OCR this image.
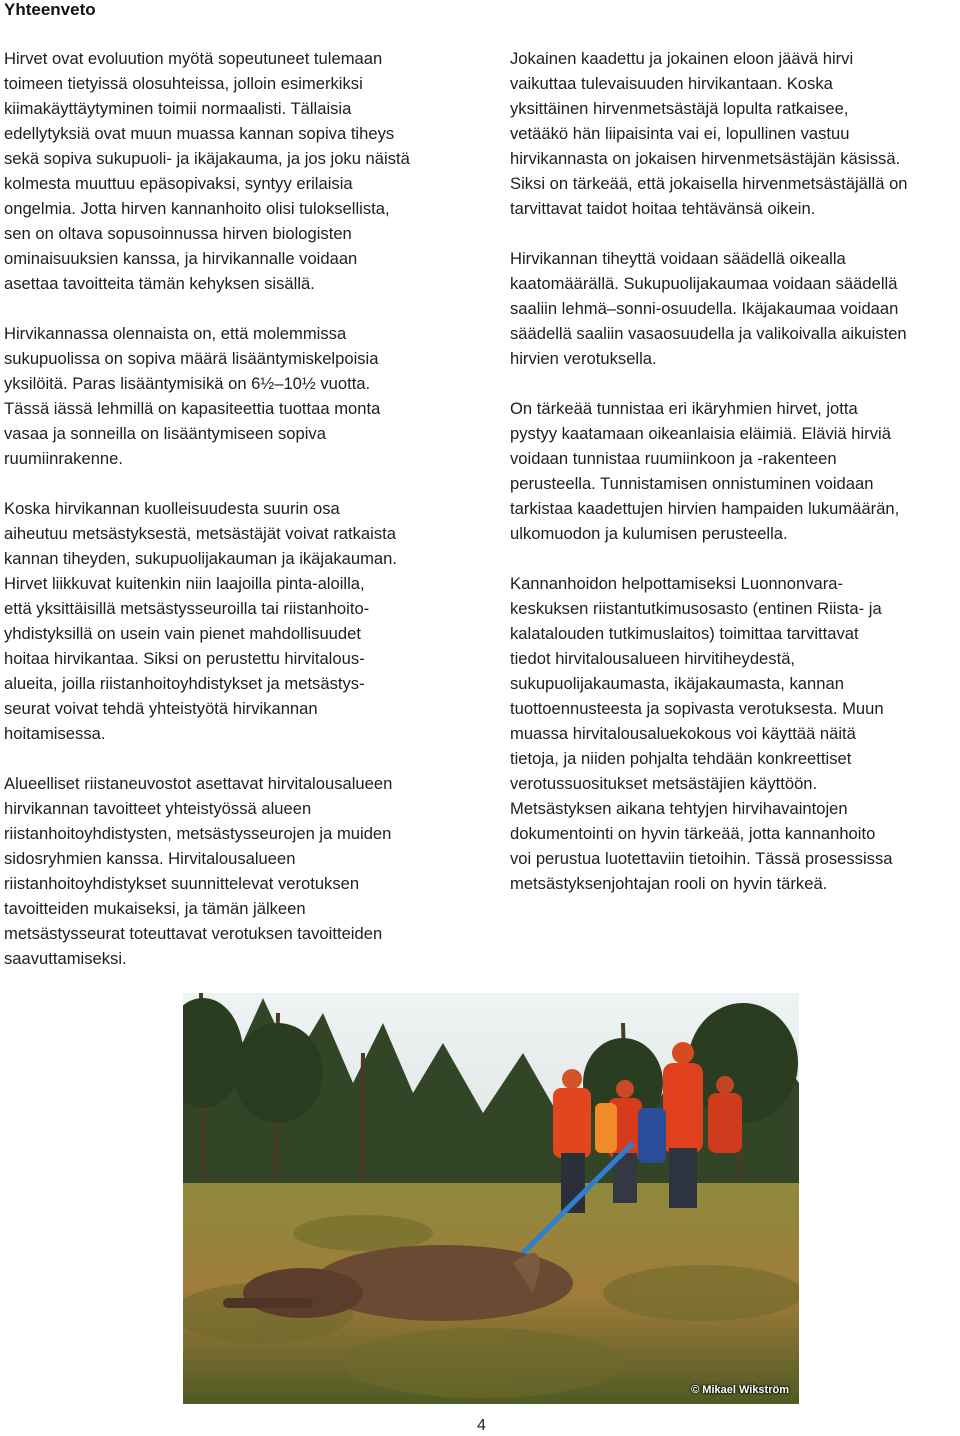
Yhteenveto

Hirvet ovat evoluution myötä sopeutuneet tulemaan
toimeen tietyissä olosuhteissa, jolloin esimerkiksi
kiimakäyttäytyminen toimii normaalisti. Tällaisia
edellytyksiä ovat muun muassa kannan sopiva tiheys
sekä sopiva sukupuoli- ja ikäjakauma, ja jos joku näistä
kolmesta muuttuu epäsopivaksi, syntyy erilaisia
ongelmia. Jotta hirven kannanhoito olisi tuloksellista,
sen on oltava sopusoinnussa hirven biologisten
ominaisuuksien kanssa, ja hirvikannalle voidaan
asettaa tavoitteita tämän kehyksen sisällä.

Hirvikannassa olennaista on, että molemmissa
sukupuolissa on sopiva määrä lisääntymiskelpoisia
yksilöitä. Paras lisääntymisikä on 6½–10½ vuotta.
Tässä iässä lehmillä on kapasiteettia tuottaa monta
vasaa ja sonneilla on lisääntymiseen sopiva
ruumiinrakenne.

Koska hirvikannan kuolleisuudesta suurin osa
aiheutuu metsästyksestä, metsästäjät voivat ratkaista
kannan tiheyden, sukupuolijakauman ja ikäjakauman.
Hirvet liikkuvat kuitenkin niin laajoilla pinta-aloilla,
että yksittäisillä metsästysseuroilla tai riistanhoito-
yhdistyksillä on usein vain pienet mahdollisuudet
hoitaa hirvikantaa. Siksi on perustettu hirvitalous-
alueita, joilla riistanhoitoyhdistykset ja metsästys-
seurat voivat tehdä yhteistyötä hirvikannan
hoitamisessa.

Alueelliset riistaneuvostot asettavat hirvitalousalueen
hirvikannan tavoitteet yhteistyössä alueen
riistanhoitoyhdistysten, metsästysseurojen ja muiden
sidosryhmien kanssa. Hirvitalousalueen
riistanhoitoyhdistykset suunnittelevat verotuksen
tavoitteiden mukaiseksi, ja tämän jälkeen
metsästysseurat toteuttavat verotuksen tavoitteiden
saavuttamiseksi.

Jokainen kaadettu ja jokainen eloon jäävä hirvi
vaikuttaa tulevaisuuden hirvikantaan. Koska
yksittäinen hirvenmetsästäjä lopulta ratkaisee,
vetääkö hän liipaisinta vai ei, lopullinen vastuu
hirvikannasta on jokaisen hirvenmetsästäjän käsissä.
Siksi on tärkeää, että jokaisella hirvenmetsästäjällä on
tarvittavat taidot hoitaa tehtävänsä oikein.

Hirvikannan tiheyttä voidaan säädellä oikealla
kaatomäärällä. Sukupuolijakaumaa voidaan säädellä
saaliin lehmä–sonni-osuudella. Ikäjakaumaa voidaan
säädellä saaliin vasaosuudella ja valikoivalla aikuisten
hirvien verotuksella.

On tärkeää tunnistaa eri ikäryhmien hirvet, jotta
pystyy kaatamaan oikeanlaisia eläimiä. Eläviä hirviä
voidaan tunnistaa ruumiinkoon ja -rakenteen
perusteella. Tunnistamisen onnistuminen voidaan
tarkistaa kaadettujen hirvien hampaiden lukumäärän,
ulkomuodon ja kulumisen perusteella.

Kannanhoidon helpottamiseksi Luonnonvara-
keskuksen riistantutkimusosasto (entinen Riista- ja
kalatalouden tutkimuslaitos) toimittaa tarvittavat
tiedot hirvitalousalueen hirvitiheydestä,
sukupuolijakaumasta, ikäjakaumasta, kannan
tuottoennusteesta ja sopivasta verotuksesta. Muun
muassa hirvitalousaluekokous voi käyttää näitä
tietoja, ja niiden pohjalta tehdään konkreettiset
verotussuositukset metsästäjien käyttöön.
Metsästyksen aikana tehtyjen hirvihavaintojen
dokumentointi on hyvin tärkeää, jotta kannanhoito
voi perustua luotettaviin tietoihin. Tässä prosessissa
metsästyksenjohtajan rooli on hyvin tärkeä.

© Mikael Wikström
4
